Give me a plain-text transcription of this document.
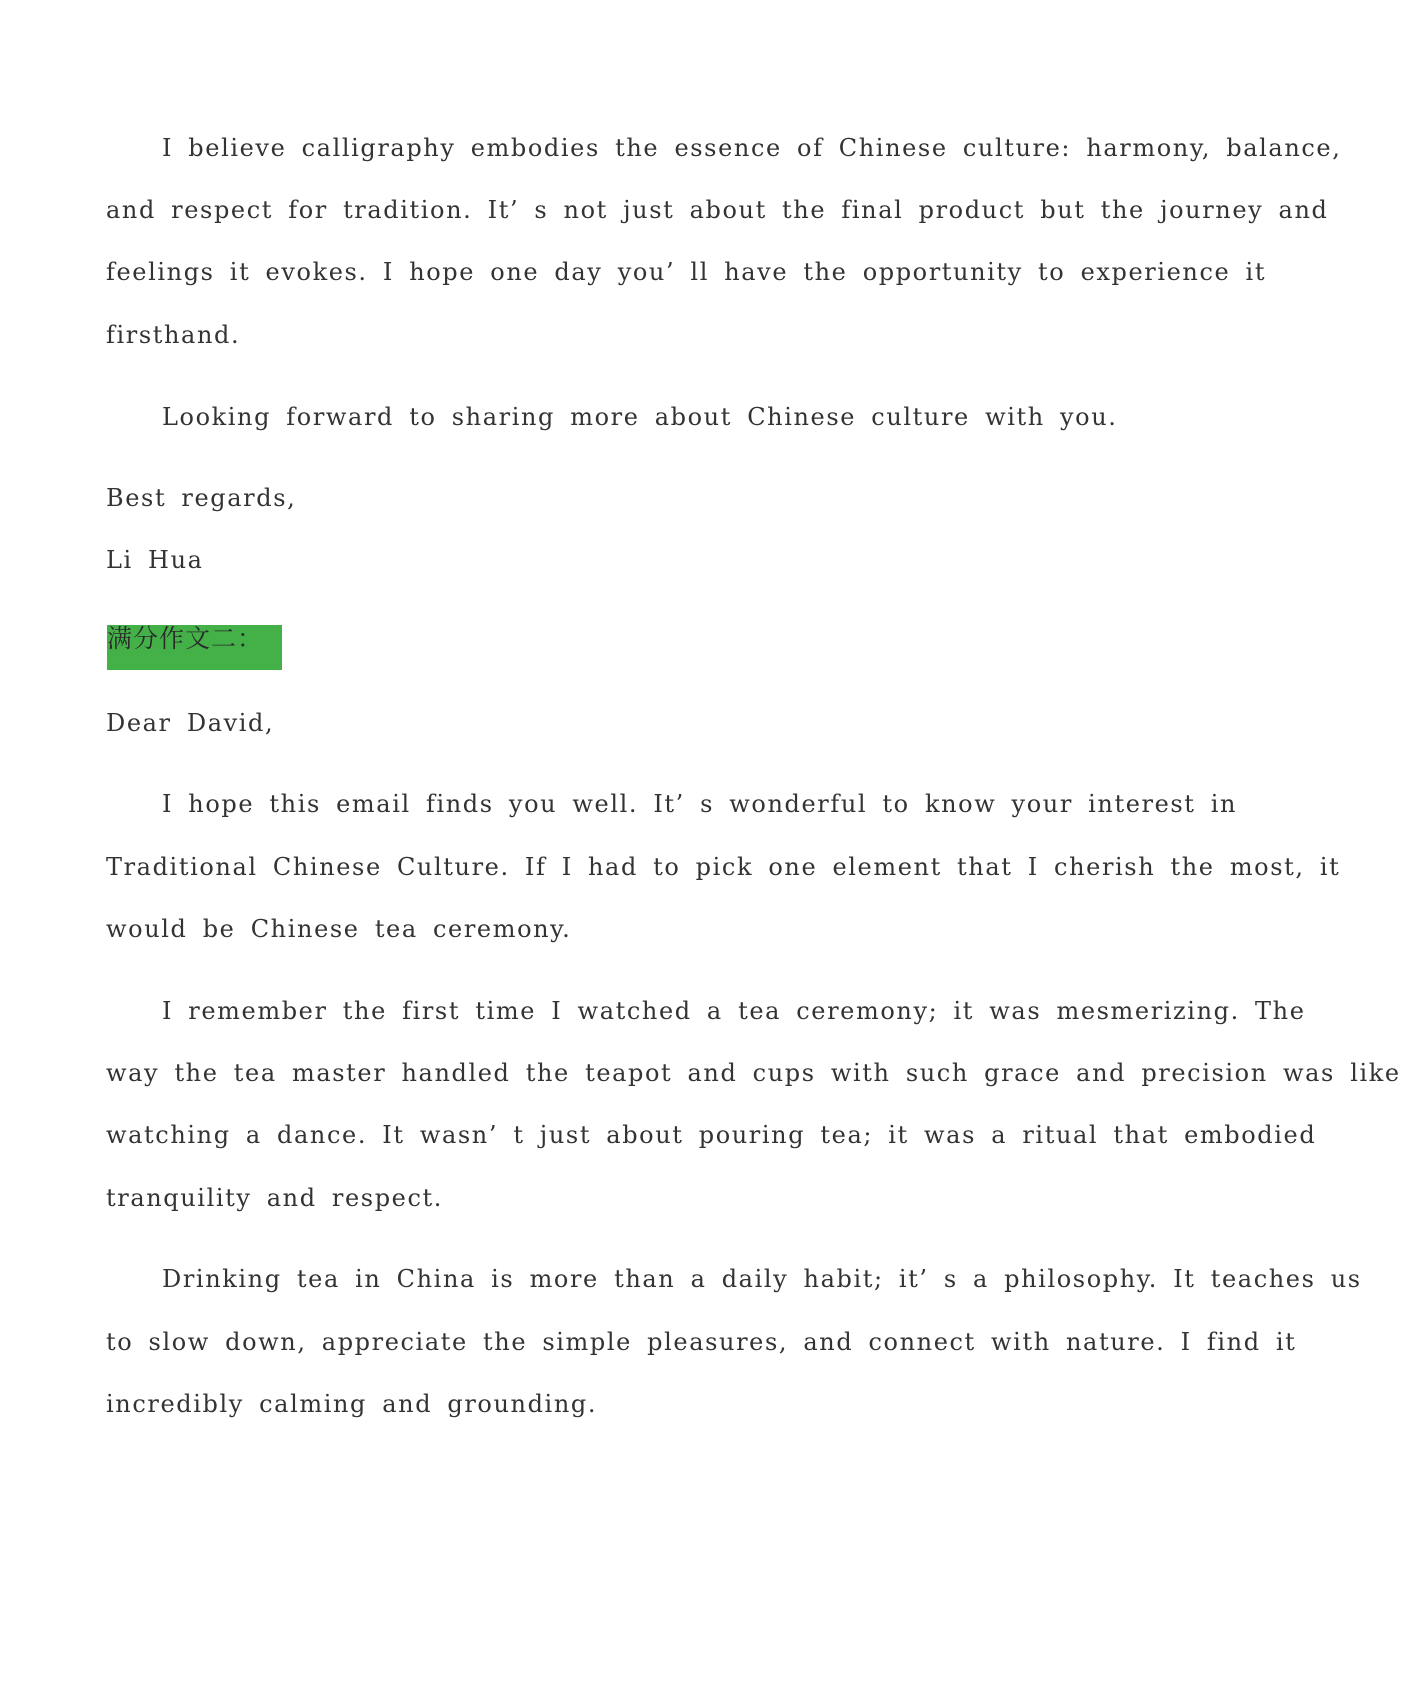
I believe calligraphy embodies the essence of Chinese culture: harmony, balance,
and respect for tradition. It’ s not just about the final product but the journey and
feelings it evokes. I hope one day you’ ll have the opportunity to experience it
firsthand.
Looking forward to sharing more about Chinese culture with you.
Best regards,
Li Hua
满分作文二：
Dear David,
I hope this email finds you well. It’ s wonderful to know your interest in
Traditional Chinese Culture. If I had to pick one element that I cherish the most, it
would be Chinese tea ceremony.
I remember the first time I watched a tea ceremony; it was mesmerizing. The
way the tea master handled the teapot and cups with such grace and precision was like
watching a dance. It wasn’ t just about pouring tea; it was a ritual that embodied
tranquility and respect.
Drinking tea in China is more than a daily habit; it’ s a philosophy. It teaches us
to slow down, appreciate the simple pleasures, and connect with nature. I find it
incredibly calming and grounding.
